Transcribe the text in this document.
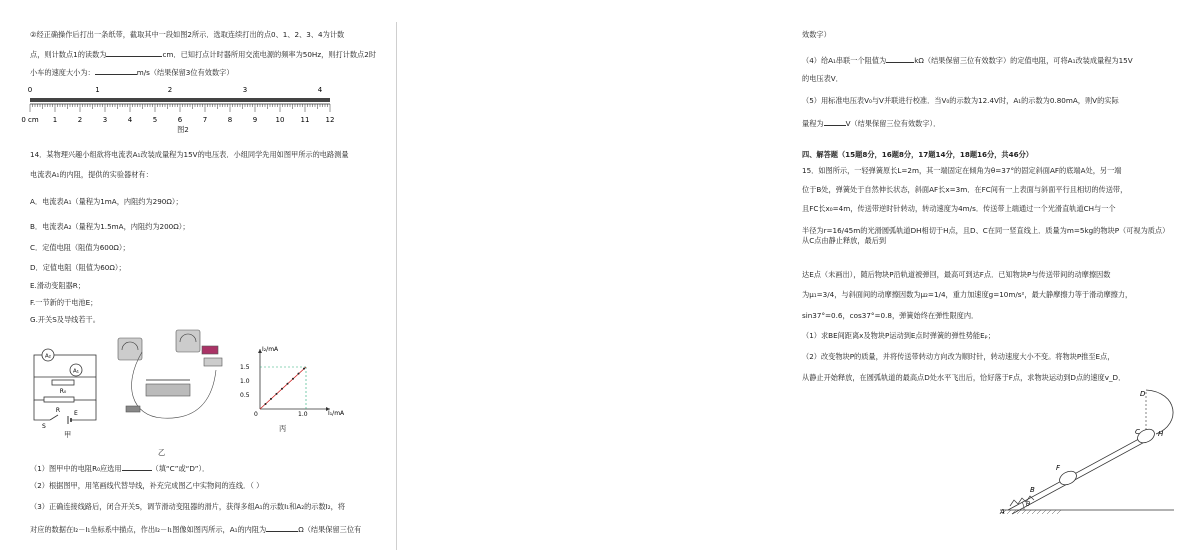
②经正确操作后打出一条纸带，截取其中一段如图2所示．选取连续打出的点0、1、2、3、4为计数

点，则计数点1的读数为	cm．已知打点计时器所用交流电源的频率为50Hz，则打计数点2时

小车的速度大小为：	m/s（结果保留3位有效数字）

0	1	2	3	4
0 cm 1	2	3	4	5	6	7	8	9	10 11 12

图2

14．某物理兴趣小组欲将电流表A₁改装成量程为15V的电压表．小组同学先用如图甲所示的电路测量

电流表A₁的内阻，提供的实验器材有：

A．电流表A₁（量程为1mA，内阻约为290Ω）；

B．电流表A₂（量程为1.5mA，内阻约为200Ω）；

C．定值电阻（阻值为600Ω）；

D．定值电阻（阻值为60Ω）；

E.滑动变阻器R；

F.一节新的干电池E；

G.开关S及导线若干。

A₂
A₁
R₀
R
S
E

甲

乙

I₂/mA
I₁/mA
1.5
1.0
0.5
0	1.0

丙

（1）图甲中的电阻R₀应选用	（填“C”或“D”）．

（2）根据图甲，用笔画线代替导线，补充完成图乙中实物间的连线．（ ）

（3）正确连接线路后，闭合开关S，调节滑动变阻器的滑片，获得多组A₁的示数I₁和A₂的示数I₂，将

对应的数据在I₂－I₁坐标系中描点，作出I₂－I₁图像如图丙所示，A₁的内阻为	Ω（结果保留三位有

效数字）

（4）给A₁串联一个阻值为	kΩ（结果保留三位有效数字）的定值电阻，可将A₁改装成量程为15V

的电压表V．

（5）用标准电压表V₀与V并联进行校准．当V₀的示数为12.4V时，A₁的示数为0.80mA，则V的实际

量程为	V（结果保留三位有效数字）．

四、解答题（15题8分，16题8分，17题14分，18题16分，共46分）

15．如图所示，一轻弹簧原长L=2m，其一端固定在倾角为θ=37°的固定斜面AF的底端A处，另一端

位于B处，弹簧处于自然伸长状态，斜面AF长x=3m．在FC间有一上表面与斜面平行且相切的传送带，

且FC长x₀=4m，传送带逆时针转动，转动速度为4m/s．传送带上端通过一个光滑直轨道CH与一个

半径为r=16/45m的光滑圆弧轨道DH相切于H点，且D、C在同一竖直线上．质量为m=5kg的物块P（可视为质点）从C点由静止释放，最后到

达E点（未画出），随后物块P沿轨道被弹回，最高可到达F点．已知物块P与传送带间的动摩擦因数

为μ₁=3/4，与斜面间的动摩擦因数为μ₂=1/4，重力加速度g=10m/s²，最大静摩擦力等于滑动摩擦力，

sin37°=0.6，cos37°=0.8，弹簧始终在弹性限度内．

（1）求BE间距离x及物块P运动到E点时弹簧的弹性势能Eₚ；

（2）改变物块P的质量，并将传送带转动方向改为顺时针，转动速度大小不变。将物块P推至E点，

从静止开始释放，在圆弧轨道的最高点D处水平飞出后，恰好落于F点，求物块运动到D点的速度v_D．

D
C	H
F
B
A
θ
